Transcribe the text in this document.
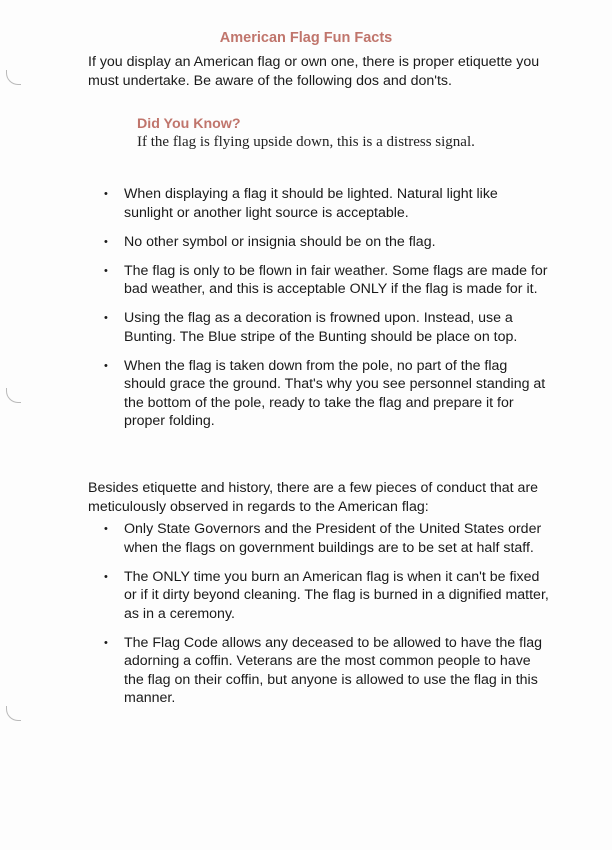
American Flag Fun Facts

If you display an American flag or own one, there is proper etiquette you must undertake. Be aware of the following dos and don'ts.

Did You Know?

If the flag is flying upside down, this is a distress signal.

• When displaying a flag it should be lighted. Natural light like sunlight or another light source is acceptable.
• No other symbol or insignia should be on the flag.
• The flag is only to be flown in fair weather. Some flags are made for bad weather, and this is acceptable ONLY if the flag is made for it.
• Using the flag as a decoration is frowned upon. Instead, use a Bunting. The Blue stripe of the Bunting should be place on top.
• When the flag is taken down from the pole, no part of the flag should grace the ground. That's why you see personnel standing at the bottom of the pole, ready to take the flag and prepare it for proper folding.

Besides etiquette and history, there are a few pieces of conduct that are meticulously observed in regards to the American flag:

• Only State Governors and the President of the United States order when the flags on government buildings are to be set at half staff.
• The ONLY time you burn an American flag is when it can't be fixed or if it dirty beyond cleaning. The flag is burned in a dignified matter, as in a ceremony.
• The Flag Code allows any deceased to be allowed to have the flag adorning a coffin. Veterans are the most common people to have the flag on their coffin, but anyone is allowed to use the flag in this manner.
